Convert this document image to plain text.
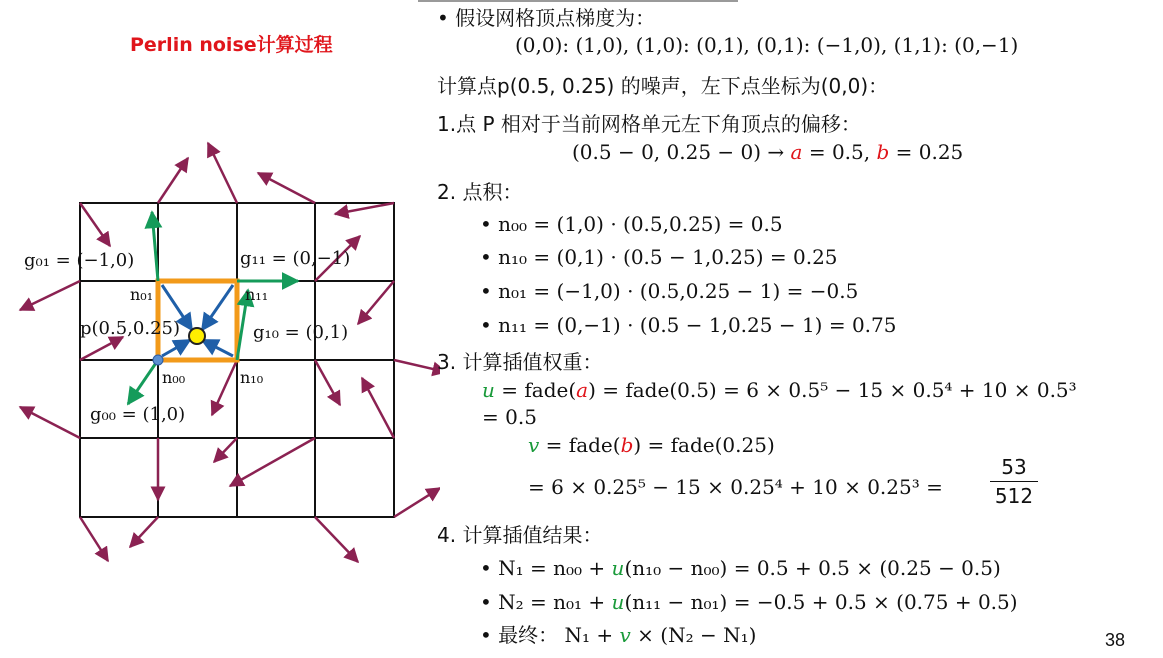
Perlin noise计算过程
g₀₁ = (−1,0)	g₁₁ = (0,−1)
g₁₀ = (0,1)
g₀₀ = (1,0)
n₀₁	n₁₁
n₀₀	n₁₀
p(0.5,0.25)
• 假设网格顶点梯度为：
(0,0): (1,0), (1,0): (0,1), (0,1): (−1,0), (1,1): (0,−1)
计算点p(0.5, 0.25) 的噪声，左下点坐标为(0,0)：
1.点 P 相对于当前网格单元左下角顶点的偏移：
(0.5 − 0, 0.25 − 0) → a = 0.5, b = 0.25
2. 点积：
• n₀₀ = (1,0) · (0.5,0.25) = 0.5
• n₁₀ = (0,1) · (0.5 − 1,0.25) = 0.25
• n₀₁ = (−1,0) · (0.5,0.25 − 1) = −0.5
• n₁₁ = (0,−1) · (0.5 − 1,0.25 − 1) = 0.75
3. 计算插值权重：
u = fade(a) = fade(0.5) = 6 × 0.5⁵ − 15 × 0.5⁴ + 10 × 0.5³
= 0.5
v = fade(b) = fade(0.25)
= $6 \times 0.25^5 - 15 \times 0.25^4 + 10 \times 0.25^3 = \frac{53}{512}$
4. 计算插值结果：
• N₁ = n₀₀ + u(n₁₀ − n₀₀) = 0.5 + 0.5 × (0.25 − 0.5)
• N₂ = n₀₁ + u(n₁₁ − n₀₁) = −0.5 + 0.5 × (0.75 + 0.5)
• 最终： N₁ + v × (N₂ − N₁)	38
